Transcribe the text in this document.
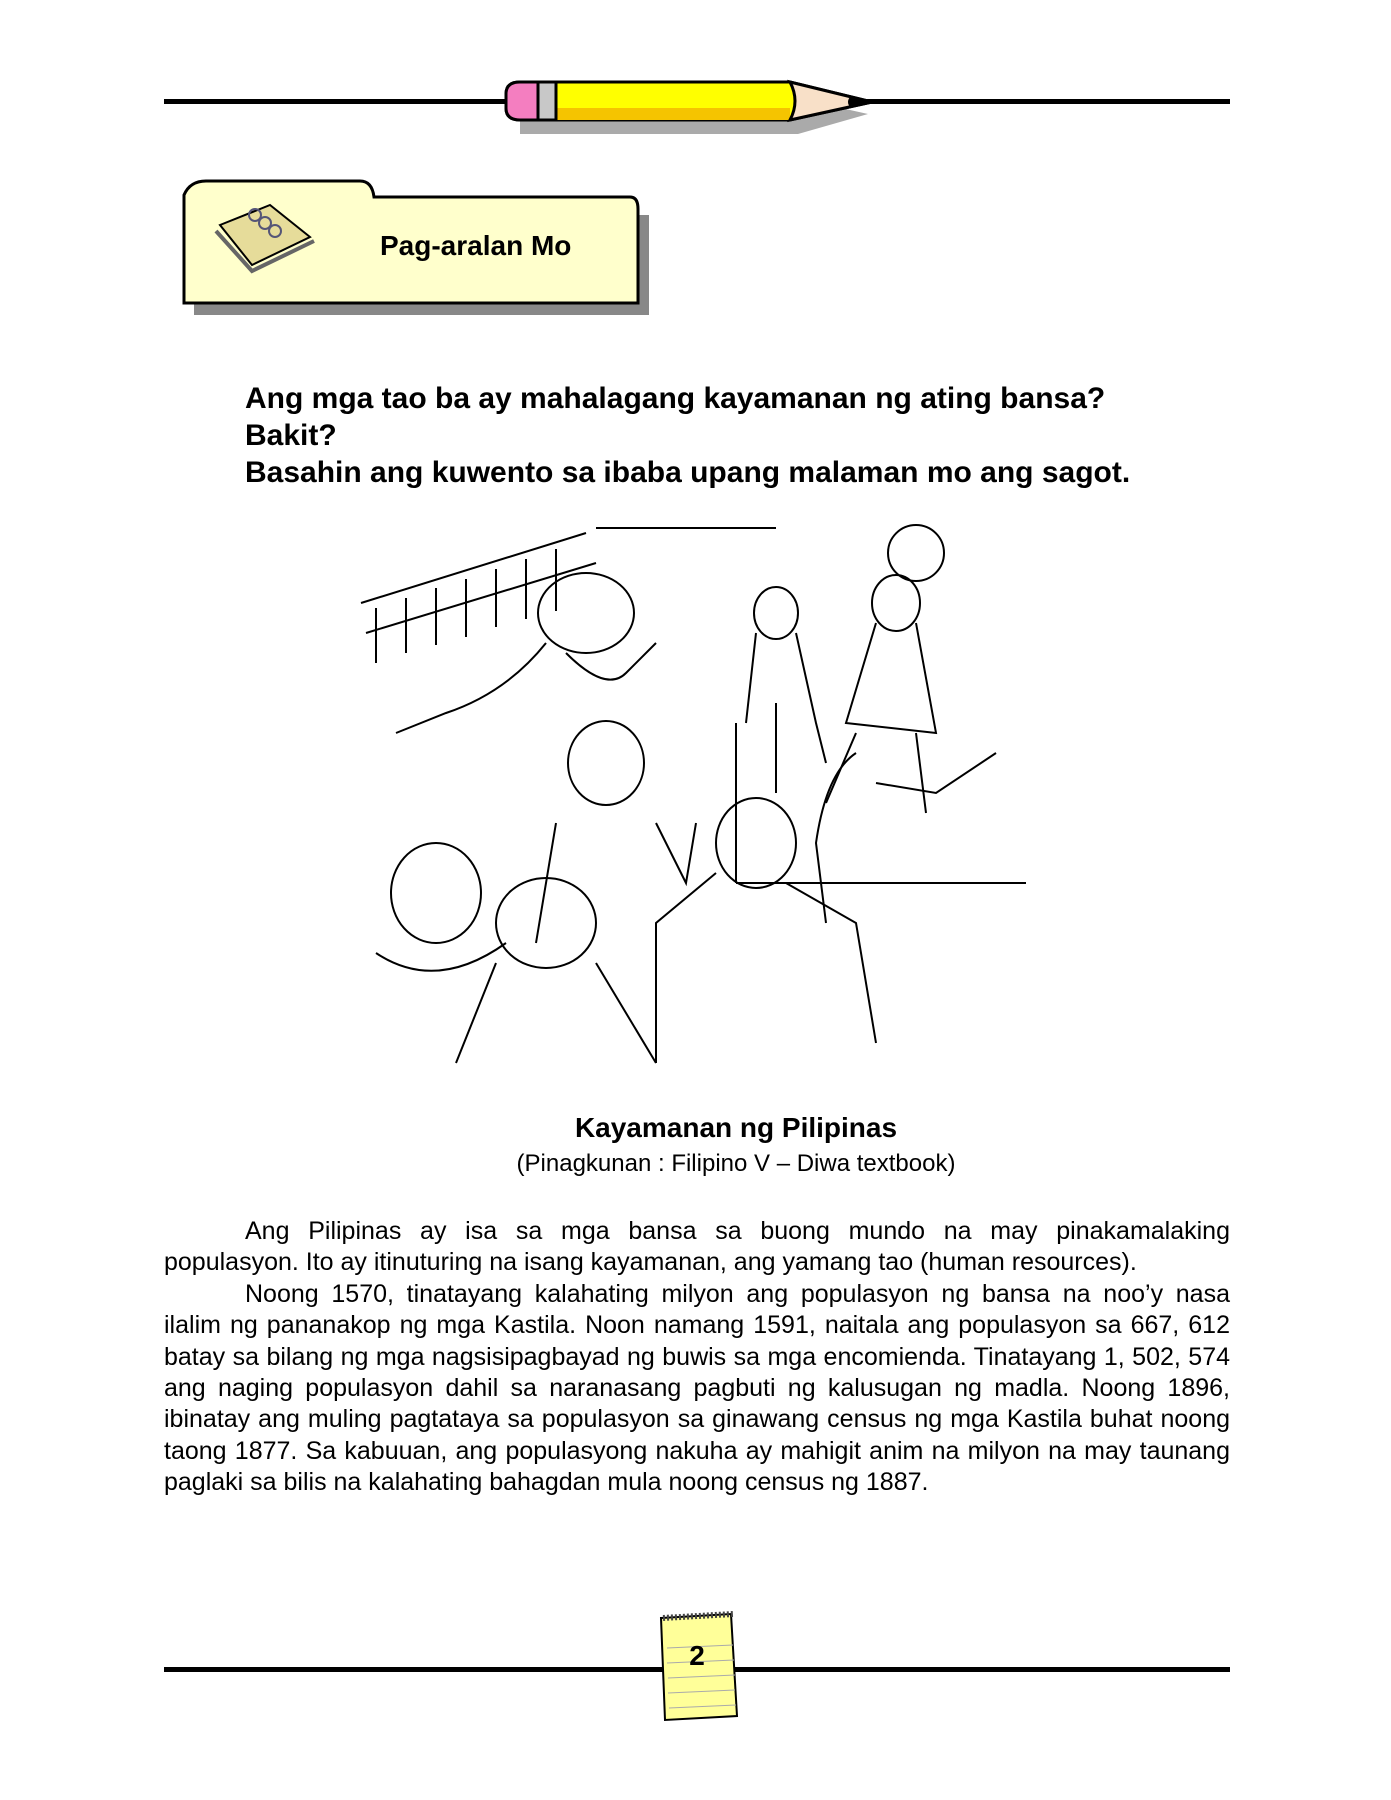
Pag-aralan Mo
Ang mga tao ba ay mahalagang kayamanan ng ating bansa?
Bakit?
Basahin ang kuwento sa ibaba upang malaman mo ang sagot.
Kayamanan ng Pilipinas
(Pinagkunan : Filipino V – Diwa textbook)

Ang Pilipinas ay isa sa mga bansa sa buong mundo na may pinakamalaking populasyon. Ito ay itinuturing na isang kayamanan, ang yamang tao (human resources).

Noong 1570, tinatayang kalahating milyon ang populasyon ng bansa na noo’y nasa ilalim ng pananakop ng mga Kastila. Noon namang 1591, naitala ang populasyon sa 667, 612 batay sa bilang ng mga nagsisipagbayad ng buwis sa mga encomienda. Tinatayang 1, 502, 574 ang naging populasyon dahil sa naranasang pagbuti ng kalusugan ng madla. Noong 1896, ibinatay ang muling pagtataya sa populasyon sa ginawang census ng mga Kastila buhat noong taong 1877. Sa kabuuan, ang populasyong nakuha ay mahigit anim na milyon na may taunang paglaki sa bilis na kalahating bahagdan mula noong census ng 1887.

2
